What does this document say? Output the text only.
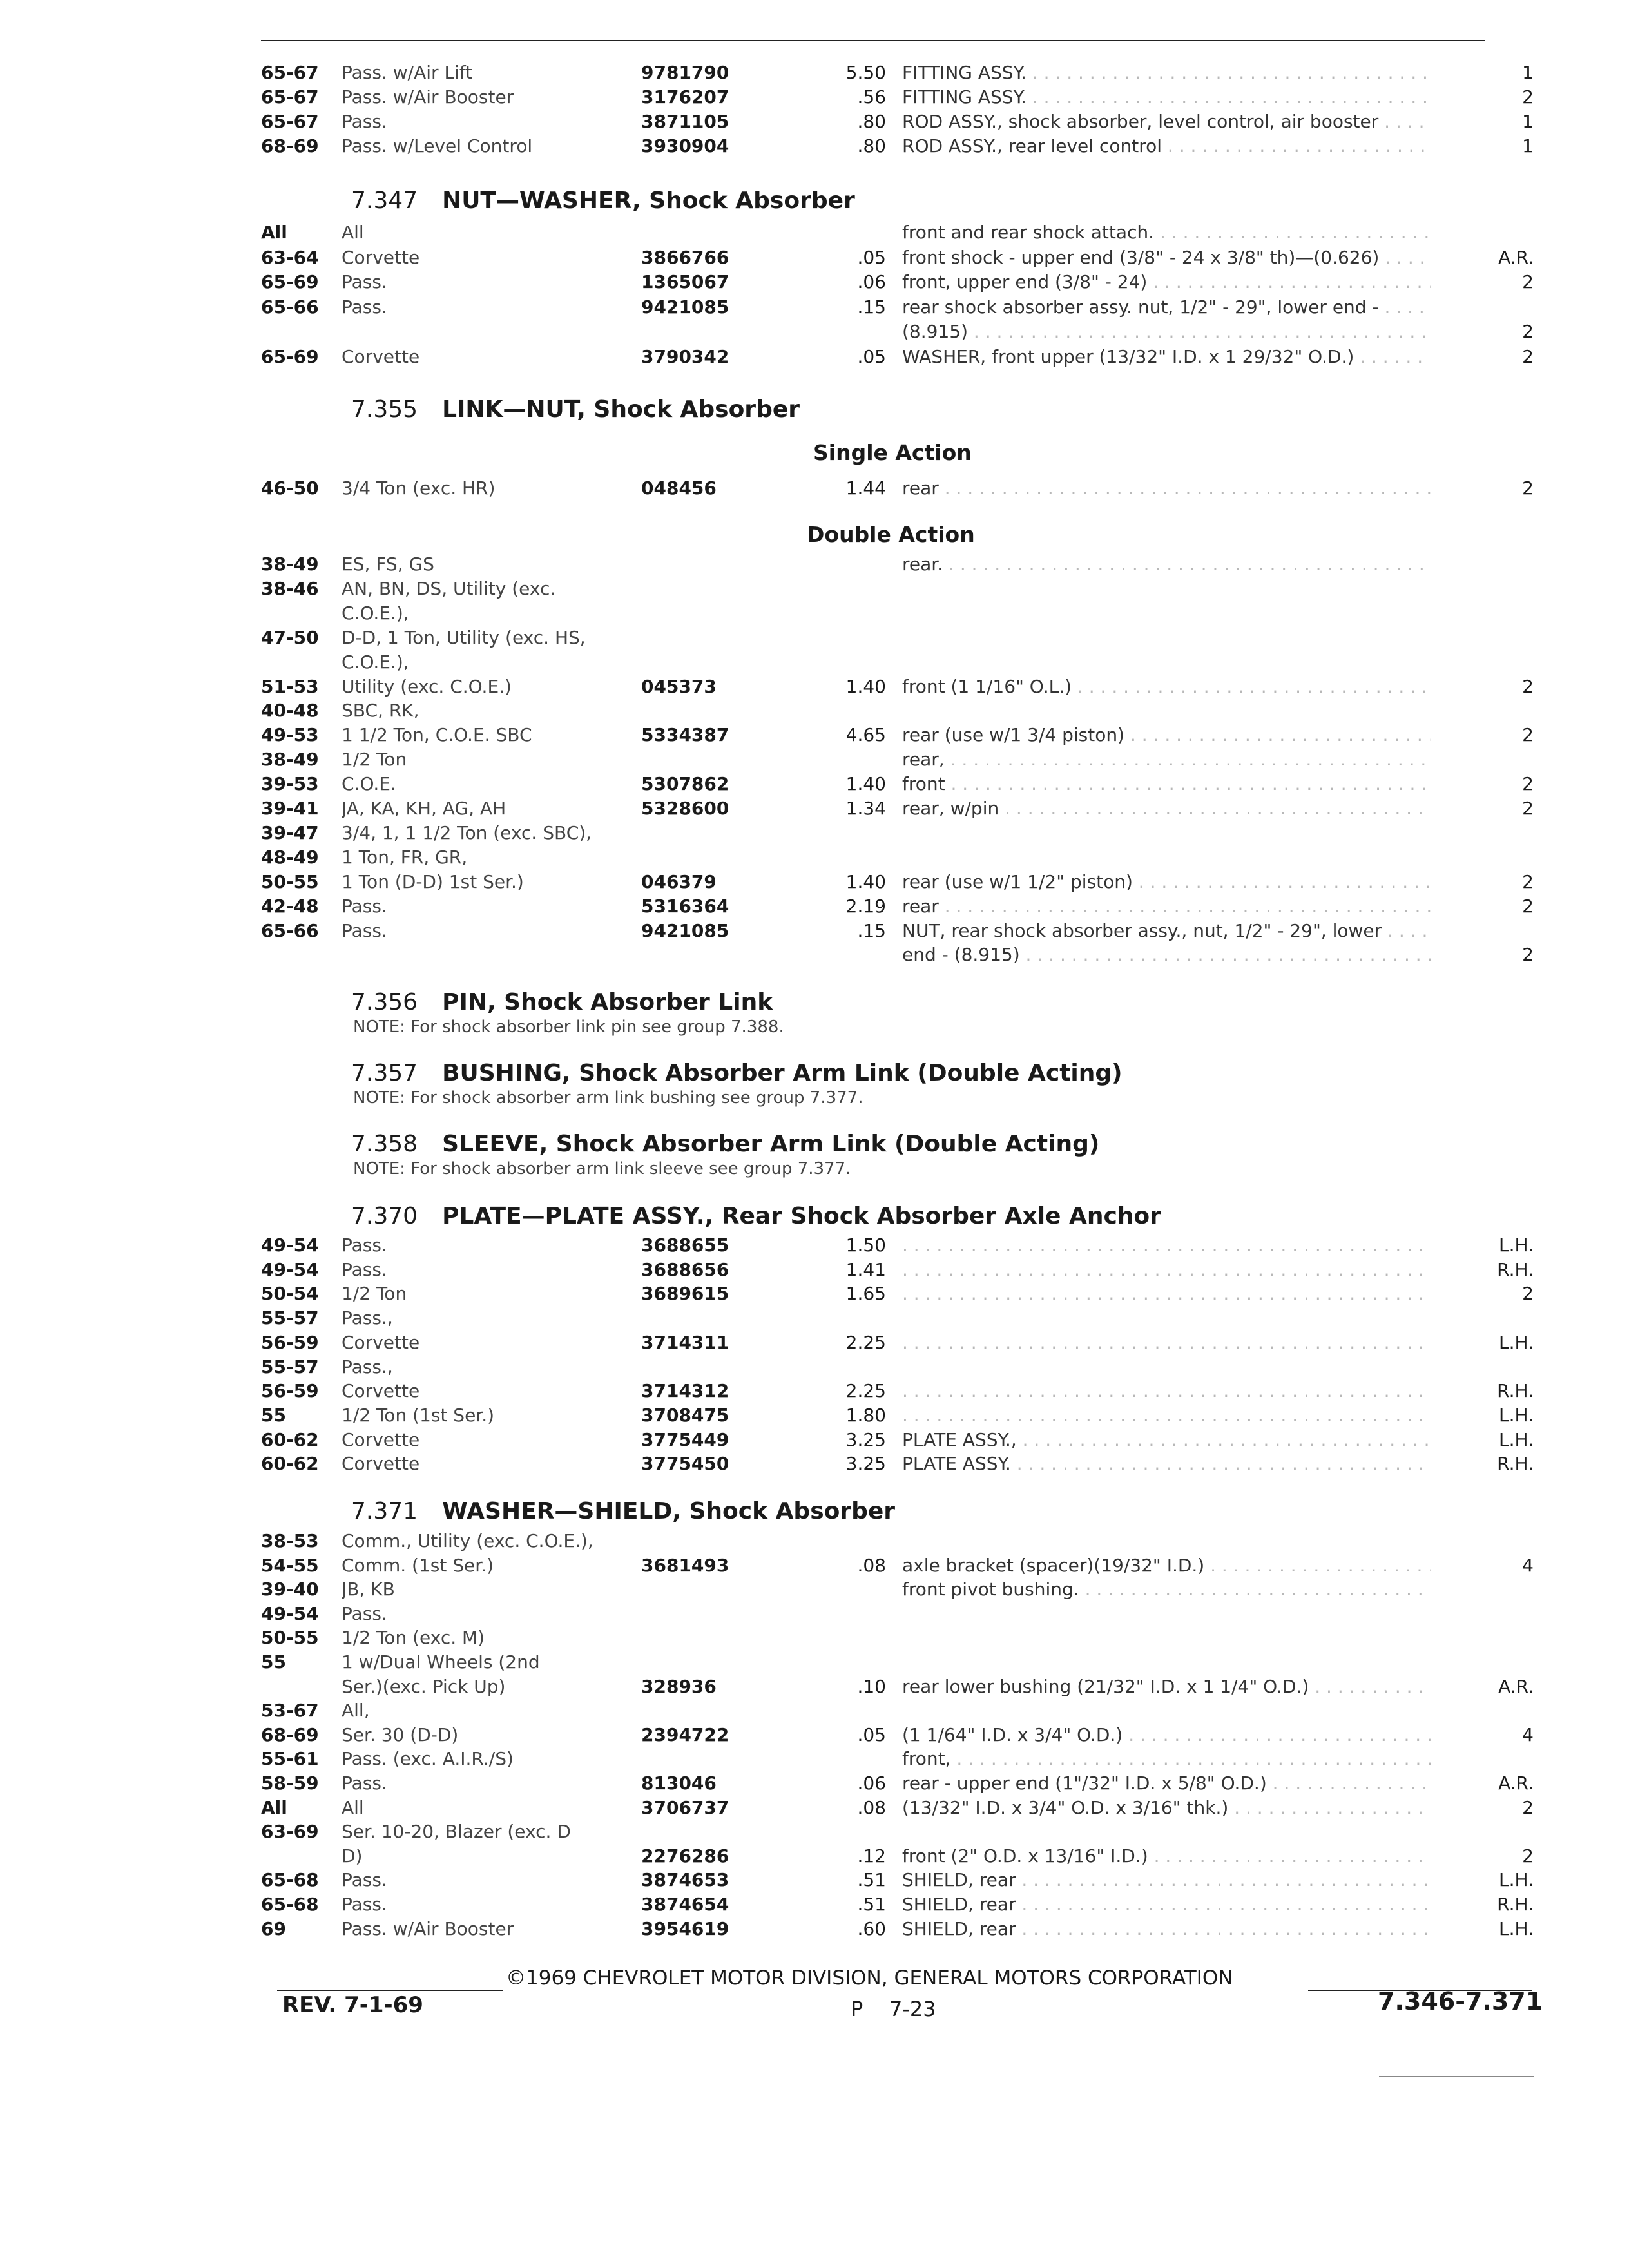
65-67	Pass. w/Air Lift	9781790	5.50 FITTING ASSY. . . .	1
65-67	Pass. w/Air Booster	3176207	.56 FITTING ASSY. . . .	2
65-67	Pass.	3871105	.80 ROD ASSY., shock absorber, level control, air booster . . .	1
68-69	Pass. w/Level Control	3930904	.80 ROD ASSY., rear level control . . .	1
7.347 NUT—WASHER, Shock Absorber
All	All	front and rear shock attach. . . .
63-64	Corvette	3866766	.05 front shock - upper end (3/8" - 24 x 3/8" th)—(0.626) . . .	A.R.
65-69	Pass.	1365067	.06 front, upper end (3/8" - 24) . . .	2
65-66	Pass.	9421085	.15 rear shock absorber assy. nut, 1/2" - 29", lower end - . . .
(8.915) . . .	2
65-69	Corvette	3790342	.05 WASHER, front upper (13/32" I.D. x 1 29/32" O.D.) . . .	2
7.355 LINK—NUT, Shock Absorber
Single Action
46-50	3/4 Ton (exc. HR)	048456	1.44 rear . . .	2
Double Action
38-49	ES, FS, GS	rear. . . .
38-46	AN, BN, DS, Utility (exc.
C.O.E.),
47-50	D-D, 1 Ton, Utility (exc. HS,
C.O.E.),
51-53	Utility (exc. C.O.E.)	045373	1.40 front (1 1/16" O.L.) . . .	2
40-48	SBC, RK,
49-53	1 1/2 Ton, C.O.E. SBC	5334387	4.65 rear (use w/1 3/4 piston) . . .	2
38-49	1/2 Ton	rear, . . .
39-53	C.O.E.	5307862	1.40 front . . .	2
39-41	JA, KA, KH, AG, AH	5328600	1.34 rear, w/pin . . .	2
39-47	3/4, 1, 1 1/2 Ton (exc. SBC),
48-49	1 Ton, FR, GR,
50-55	1 Ton (D-D) 1st Ser.)	046379	1.40 rear (use w/1 1/2" piston) . . .	2
42-48	Pass.	5316364	2.19 rear . . .	2
65-66	Pass.	9421085	.15 NUT, rear shock absorber assy., nut, 1/2" - 29", lower . . .
end - (8.915) . . .	2
7.356 PIN, Shock Absorber Link
NOTE: For shock absorber link pin see group 7.388.
7.357 BUSHING, Shock Absorber Arm Link (Double Acting)
NOTE: For shock absorber arm link bushing see group 7.377.
7.358 SLEEVE, Shock Absorber Arm Link (Double Acting)
NOTE: For shock absorber arm link sleeve see group 7.377.
7.370 PLATE—PLATE ASSY., Rear Shock Absorber Axle Anchor
49-54	Pass.	3688655	1.50 . . .	L.H.
49-54	Pass.	3688656	1.41 . . .	R.H.
50-54	1/2 Ton	3689615	1.65 . . .	2
55-57	Pass.,
56-59	Corvette	3714311	2.25 . . .	L.H.
55-57	Pass.,
56-59	Corvette	3714312	2.25 . . .	R.H.
55	1/2 Ton (1st Ser.)	3708475	1.80 . . .	L.H.
60-62	Corvette	3775449	3.25 PLATE ASSY., . . .	L.H.
60-62	Corvette	3775450	3.25 PLATE ASSY. . . .	R.H.
7.371 WASHER—SHIELD, Shock Absorber
38-53	Comm., Utility (exc. C.O.E.),
54-55	Comm. (1st Ser.)	3681493	.08 axle bracket (spacer)(19/32" I.D.) . . .	4
39-40	JB, KB	front pivot bushing. . . .
49-54	Pass.
50-55	1/2 Ton (exc. M)
55	1 w/Dual Wheels (2nd
Ser.)(exc. Pick Up)	328936	.10 rear lower bushing (21/32" I.D. x 1 1/4" O.D.) . . .	A.R.
53-67	All,
68-69	Ser. 30 (D-D)	2394722	.05 (1 1/64" I.D. x 3/4" O.D.) . . .	4
55-61	Pass. (exc. A.I.R./S)	front, . . .
58-59	Pass.	813046	.06 rear - upper end (1"/32" I.D. x 5/8" O.D.) . . .	A.R.
All	All	3706737	.08 (13/32" I.D. x 3/4" O.D. x 3/16" thk.) . . .	2
63-69	Ser. 10-20, Blazer (exc. D
D)	2276286	.12 front (2" O.D. x 13/16" I.D.) . . .	2
65-68	Pass.	3874653	.51 SHIELD, rear . . .	L.H.
65-68	Pass.	3874654	.51 SHIELD, rear . . .	R.H.
69	Pass. w/Air Booster	3954619	.60 SHIELD, rear . . .	L.H.
©1969 CHEVROLET MOTOR DIVISION, GENERAL MOTORS CORPORATION
REV. 7-1-69	P    7-23	7.346-7.371
